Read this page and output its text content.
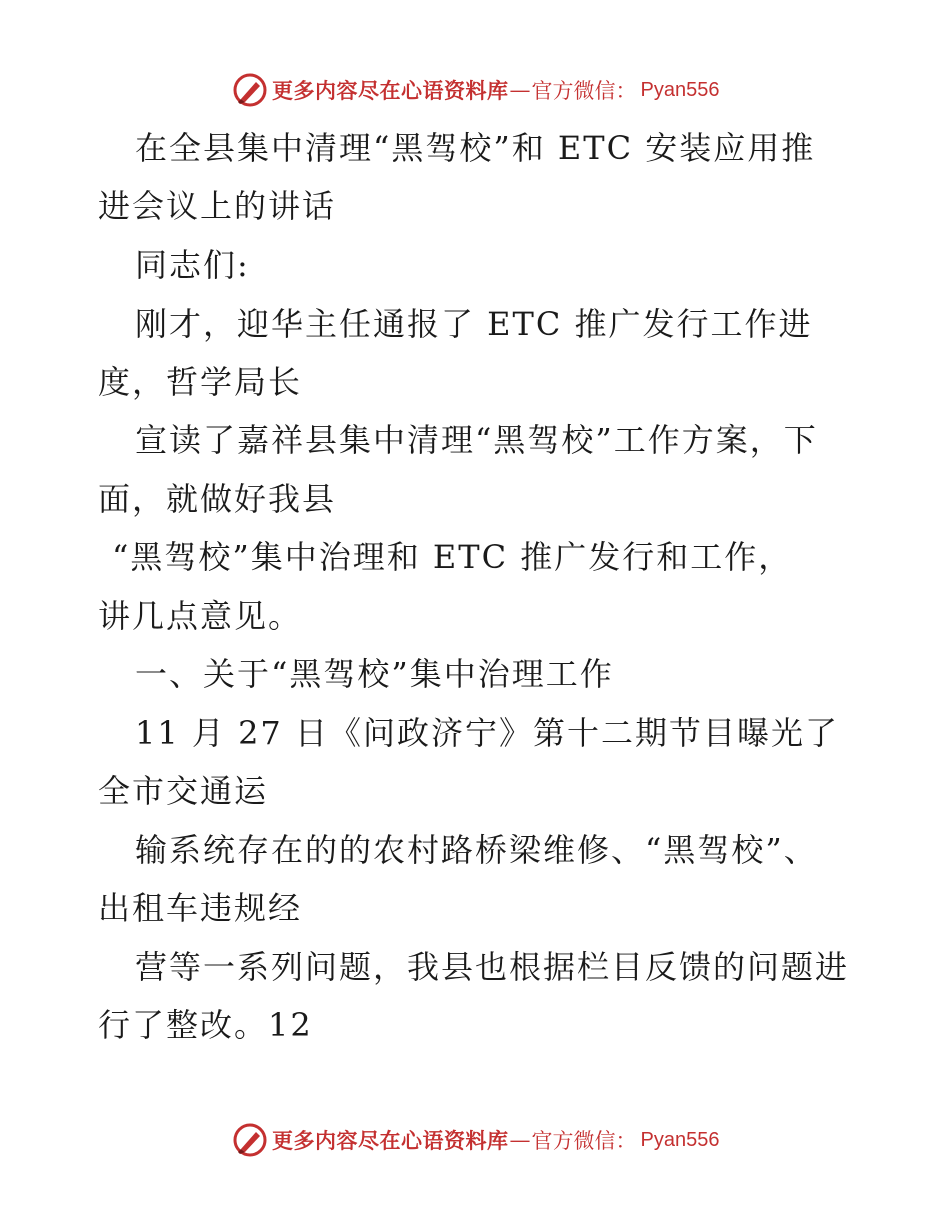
更多内容尽在心语资料库 — 官方微信： Pyan556
在全县集中清理“黑驾校”和 ETC 安装应用推
进会议上的讲话
同志们:
刚才，迎华主任通报了 ETC 推广发行工作进
度，哲学局长
宣读了嘉祥县集中清理“黑驾校”工作方案，下
面，就做好我县
“黑驾校”集中治理和 ETC 推广发行和工作，
讲几点意见。
一、关于“黑驾校”集中治理工作
11 月 27 日《问政济宁》第十二期节目曝光了
全市交通运
输系统存在的的农村路桥梁维修、“黑驾校”、
出租车违规经
营等一系列问题，我县也根据栏目反馈的问题进
行了整改。12
更多内容尽在心语资料库 — 官方微信： Pyan556
